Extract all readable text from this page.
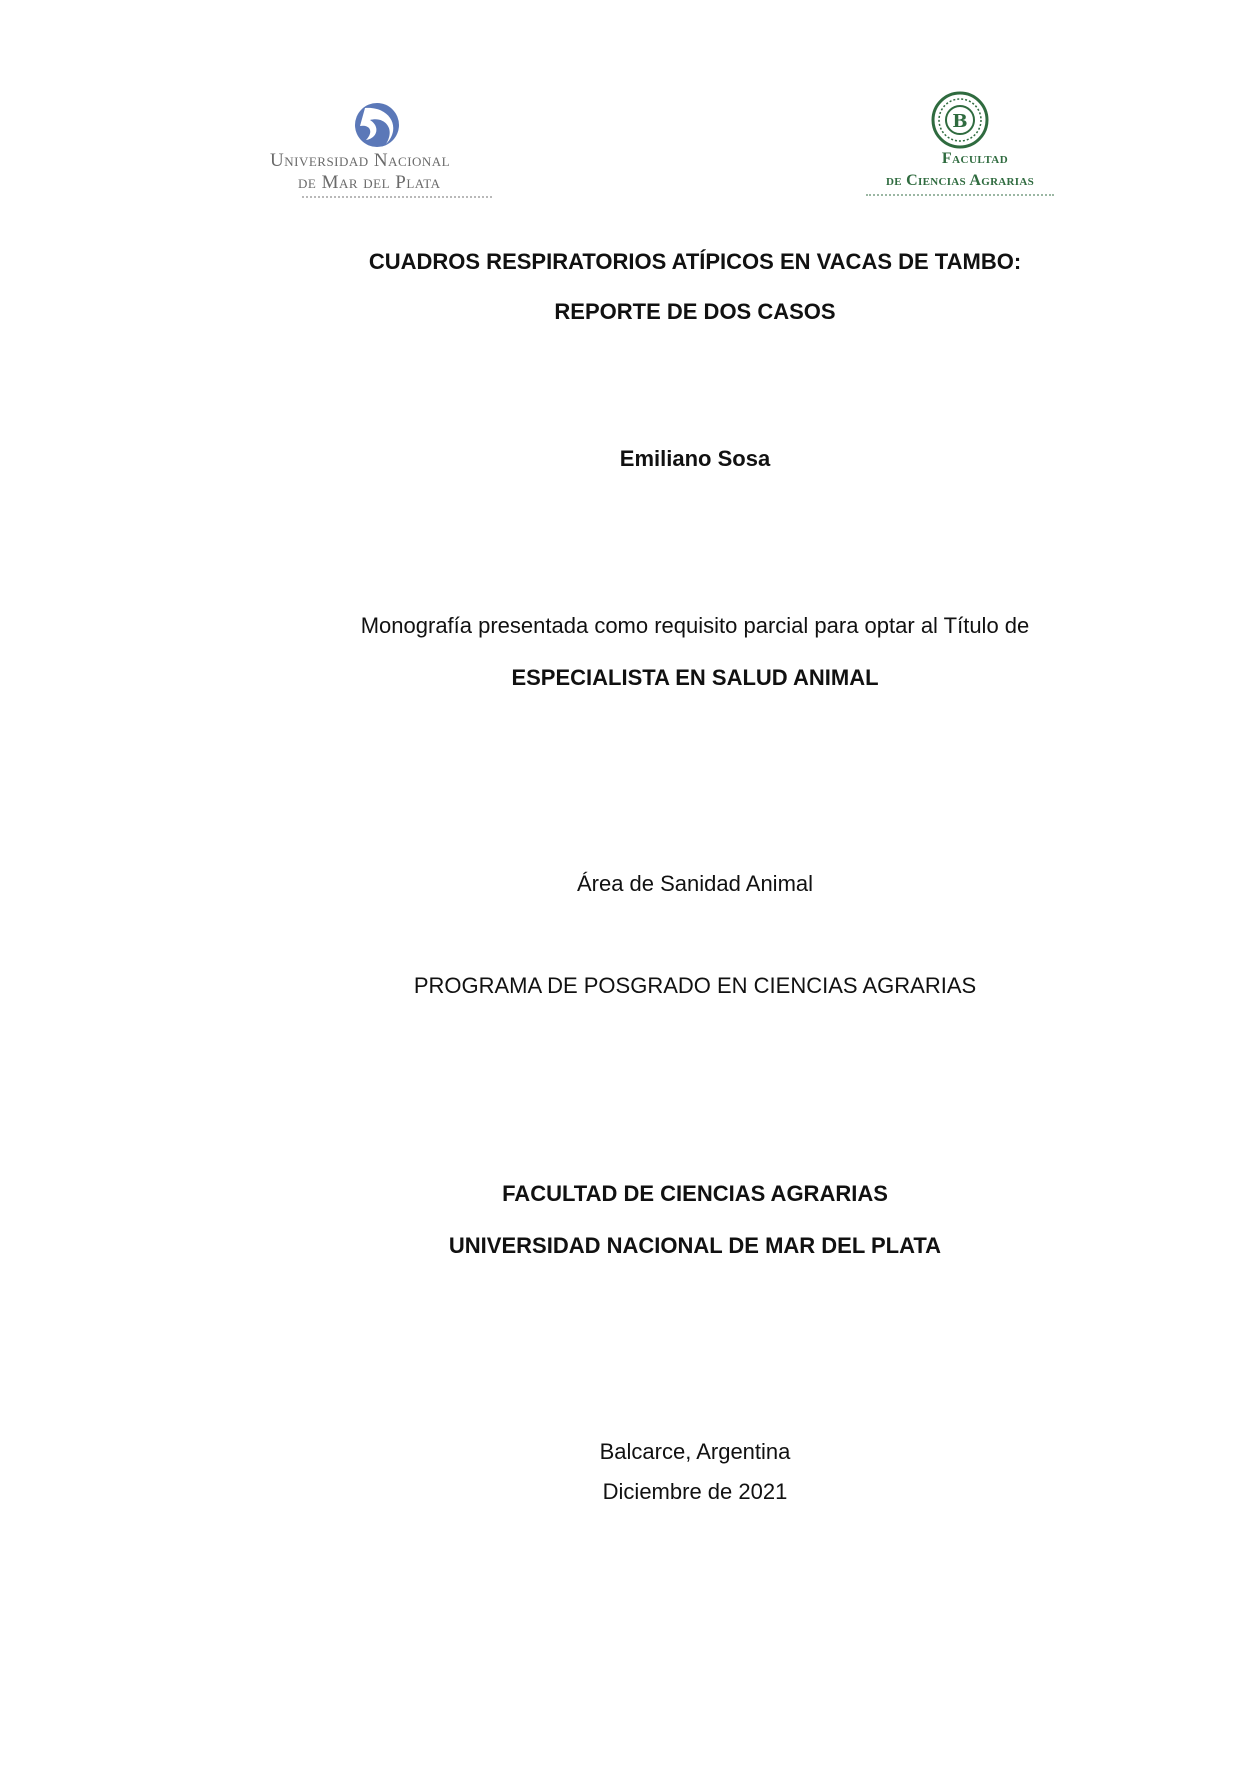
Universidad Nacional
de Mar del Plata
B
Facultad
de Ciencias Agrarias
CUADROS RESPIRATORIOS ATÍPICOS EN VACAS DE TAMBO:
REPORTE DE DOS CASOS
Emiliano Sosa
Monografía presentada como requisito parcial para optar al Título de
ESPECIALISTA EN SALUD ANIMAL
Área de Sanidad Animal
PROGRAMA DE POSGRADO EN CIENCIAS AGRARIAS
FACULTAD DE CIENCIAS AGRARIAS
UNIVERSIDAD NACIONAL DE MAR DEL PLATA
Balcarce, Argentina
Diciembre de 2021
